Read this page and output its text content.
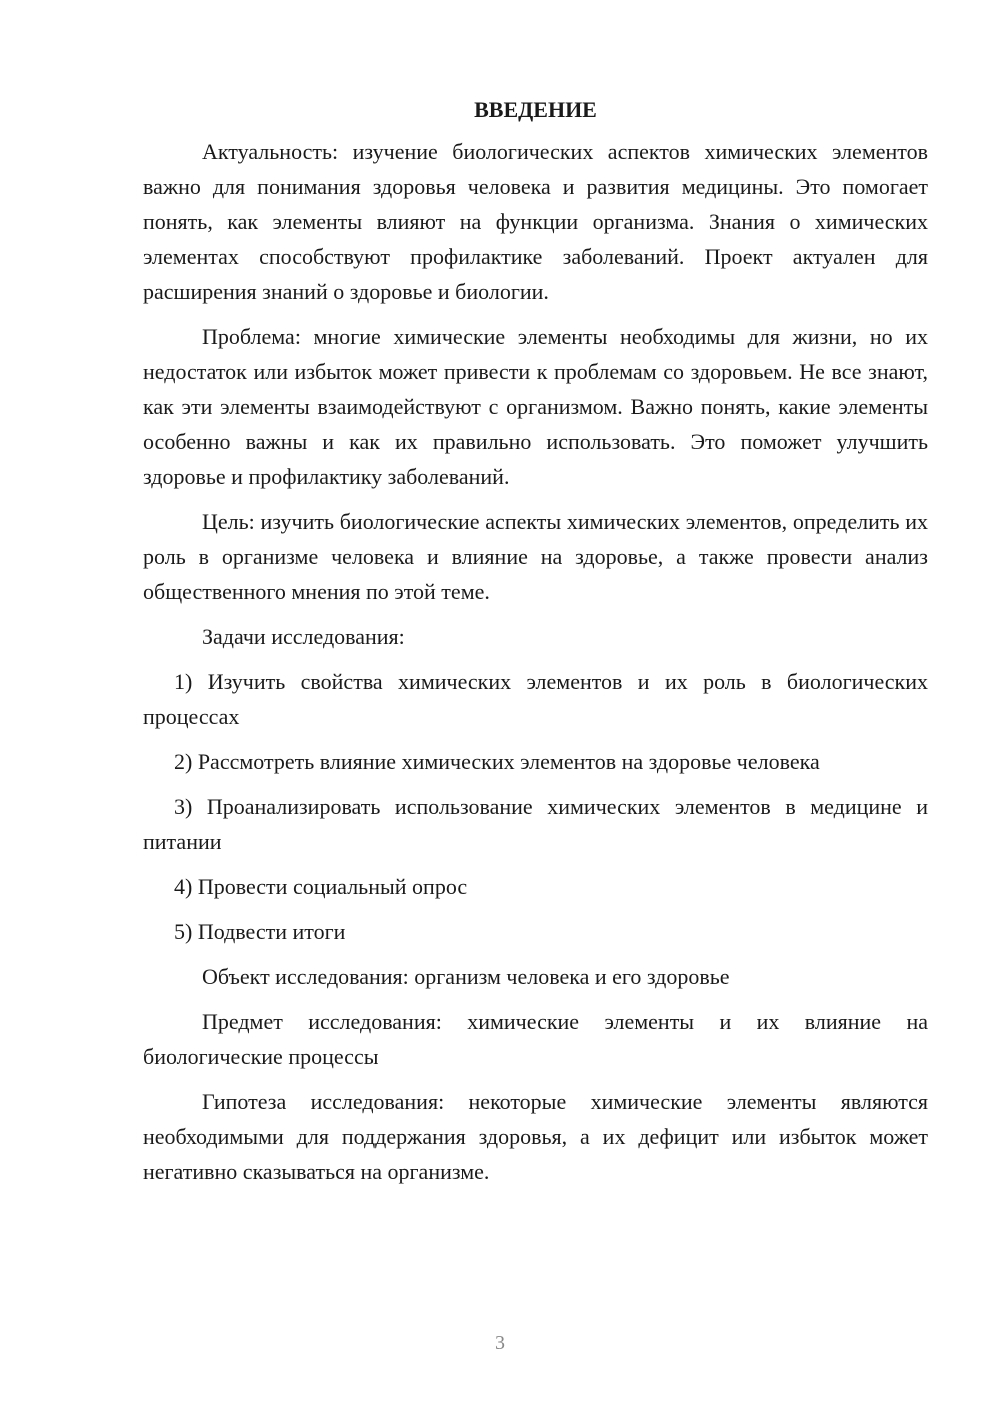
ВВЕДЕНИЕ

Актуальность: изучение биологических аспектов химических элементов важно для понимания здоровья человека и развития медицины. Это помогает понять, как элементы влияют на функции организма. Знания о химических элементах способствуют профилактике заболеваний. Проект актуален для расширения знаний о здоровье и биологии.

Проблема: многие химические элементы необходимы для жизни, но их недостаток или избыток может привести к проблемам со здоровьем. Не все знают, как эти элементы взаимодействуют с организмом. Важно понять, какие элементы особенно важны и как их правильно использовать. Это поможет улучшить здоровье и профилактику заболеваний.

Цель: изучить биологические аспекты химических элементов, определить их роль в организме человека и влияние на здоровье, а также провести анализ общественного мнения по этой теме.

Задачи исследования:

1) Изучить свойства химических элементов и их роль в биологических процессах

2) Рассмотреть влияние химических элементов на здоровье человека

3) Проанализировать использование химических элементов в медицине и питании

4) Провести социальный опрос

5) Подвести итоги

Объект исследования: организм человека и его здоровье

Предмет исследования: химические элементы и их влияние на биологические процессы

Гипотеза исследования: некоторые химические элементы являются необходимыми для поддержания здоровья, а их дефицит или избыток может негативно сказываться на организме.

3
